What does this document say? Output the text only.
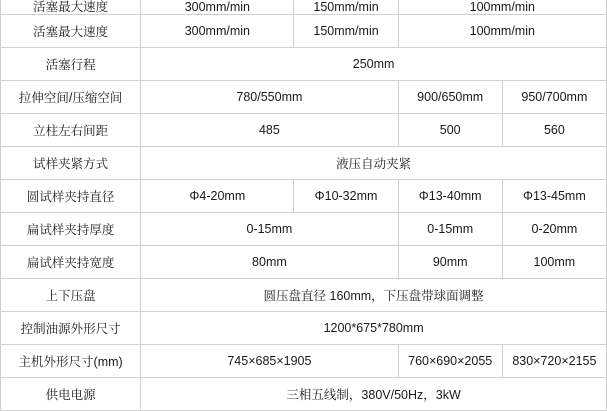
活塞最大速度	300mm/min	150mm/min	100mm/min	
活塞最大速度	300mm/min	150mm/min	100mm/min	
活塞行程	250mm			
拉伸空间/压缩空间	780/550mm		900/650mm	950/700mm
立柱左右间距	485		500	560
试样夹紧方式	液压自动夹紧			
圆试样夹持直径	Φ4-20mm	Φ10-32mm	Φ13-40mm	Φ13-45mm
扁试样夹持厚度	0-15mm		0-15mm	0-20mm
扁试样夹持宽度	80mm		90mm	100mm
上下压盘	圆压盘直径 160mm，下压盘带球面调整			
控制油源外形尺寸	1200*675*780mm			
主机外形尺寸(mm)	745×685×1905		760×690×2055	830×720×2155
供电电源	三相五线制，380V/50Hz，3kW			
